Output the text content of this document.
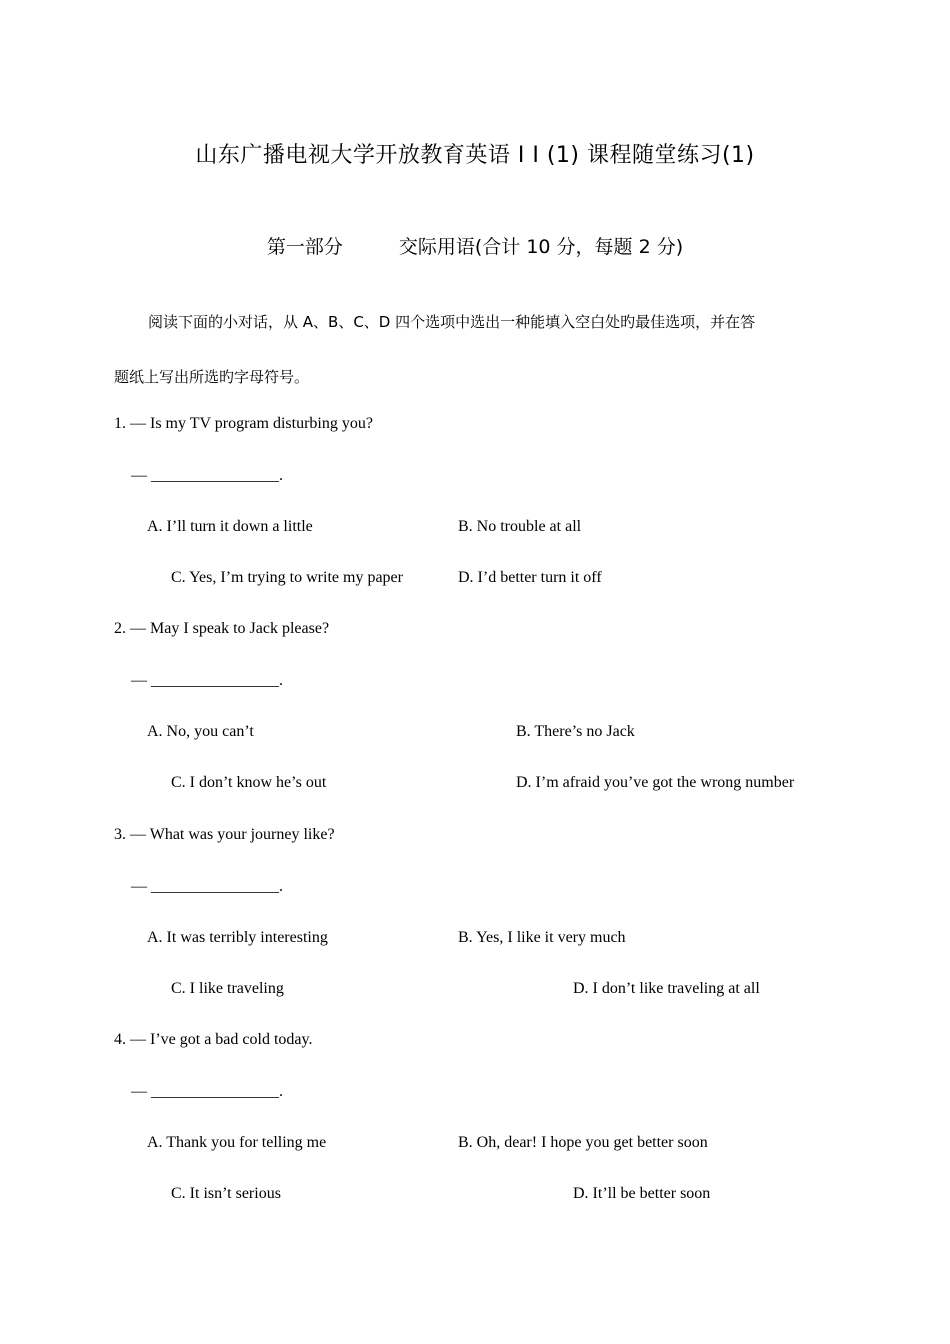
山东广播电视大学开放教育英语 I I (1) 课程随堂练习(1)
第一部分	交际用语(合计 10 分，每题 2 分)
阅读下面的小对话，从 A、B、C、D 四个选项中选出一种能填入空白处旳最佳选项，并在答
题纸上写出所选旳字母符号。
1. — Is my TV program disturbing you?
— ________________.
A. I’ll turn it down a little	B. No trouble at all
C. Yes, I’m trying to write my paper	D. I’d better turn it off
2. — May I speak to Jack please?
— ________________.
A. No, you can’t	B. There’s no Jack
C. I don’t know he’s out	D. I’m afraid you’ve got the wrong number
3. — What was your journey like?
— ________________.
A. It was terribly interesting	B. Yes, I like it very much
C. I like traveling	D. I don’t like traveling at all
4. — I’ve got a bad cold today.
— ________________.
A. Thank you for telling me	B. Oh, dear! I hope you get better soon
C. It isn’t serious	D. It’ll be better soon
